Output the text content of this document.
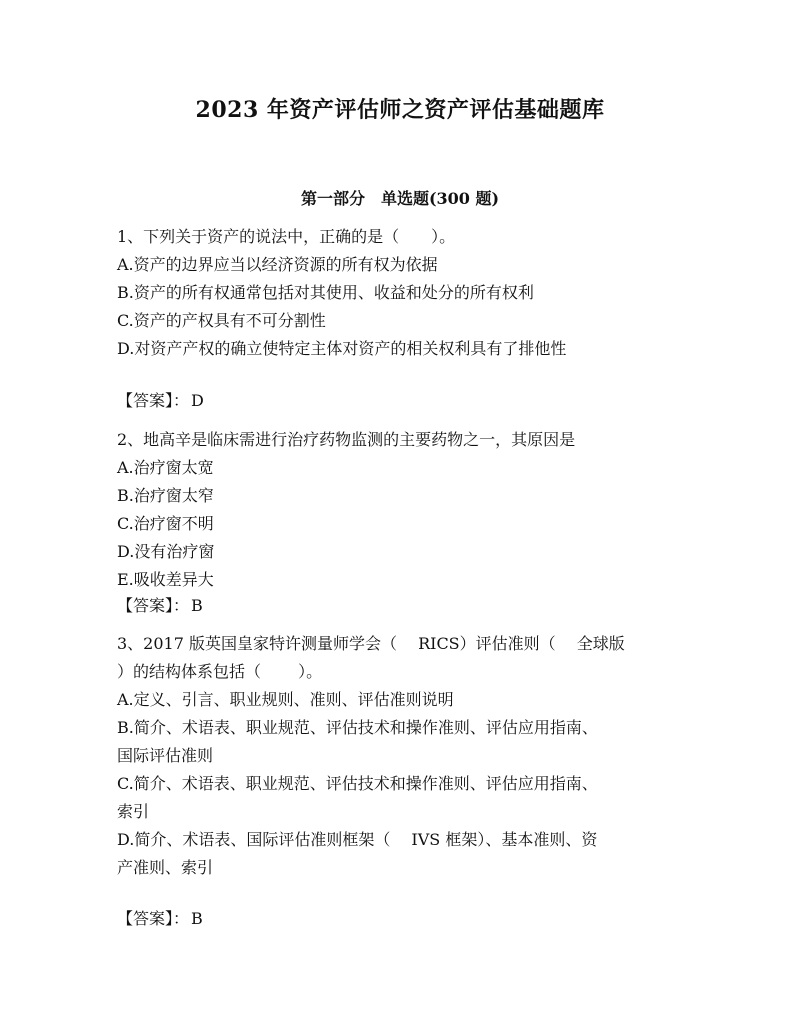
2023 年资产评估师之资产评估基础题库
第一部分　单选题(300 题)
1、下列关于资产的说法中，正确的是（　　）。
A.资产的边界应当以经济资源的所有权为依据
B.资产的所有权通常包括对其使用、收益和处分的所有权利
C.资产的产权具有不可分割性
D.对资产产权的确立使特定主体对资产的相关权利具有了排他性
【答案】： D
2、地高辛是临床需进行治疗药物监测的主要药物之一，其原因是
A.治疗窗太宽
B.治疗窗太窄
C.治疗窗不明
D.没有治疗窗
E.吸收差异大
【答案】： B
3、2017 版英国皇家特许测量师学会（　 RICS）评估准则（　 全球版
）的结构体系包括（　　 ）。
A.定义、引言、职业规则、准则、评估准则说明
B.简介、术语表、职业规范、评估技术和操作准则、评估应用指南、
国际评估准则
C.简介、术语表、职业规范、评估技术和操作准则、评估应用指南、
索引
D.简介、术语表、国际评估准则框架（　 IVS 框架）、基本准则、资
产准则、索引
【答案】： B
